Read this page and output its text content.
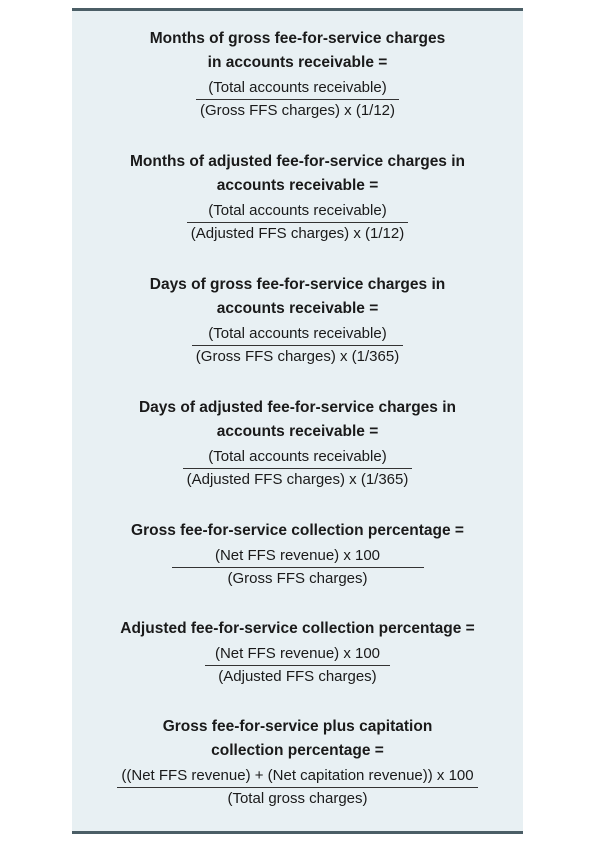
Months of gross fee-for-service charges
in accounts receivable =

$\frac{\text{(Total accounts receivable)}}{\text{(Gross FFS charges) x (1/12)}}$

Months of adjusted fee-for-service charges in
accounts receivable =

$\frac{\text{(Total accounts receivable)}}{\text{(Adjusted FFS charges) x (1/12)}}$

Days of gross fee-for-service charges in
accounts receivable =

$\frac{\text{(Total accounts receivable)}}{\text{(Gross FFS charges) x (1/365)}}$

Days of adjusted fee-for-service charges in
accounts receivable =

$\frac{\text{(Total accounts receivable)}}{\text{(Adjusted FFS charges) x (1/365)}}$

Gross fee-for-service collection percentage =

$\frac{\text{(Net FFS revenue) x 100}}{\text{(Gross FFS charges)}}$

Adjusted fee-for-service collection percentage =

$\frac{\text{(Net FFS revenue) x 100}}{\text{(Adjusted FFS charges)}}$

Gross fee-for-service plus capitation
collection percentage =

$\frac{\text{((Net FFS revenue) + (Net capitation revenue)) x 100}}{\text{(Total gross charges)}}$
